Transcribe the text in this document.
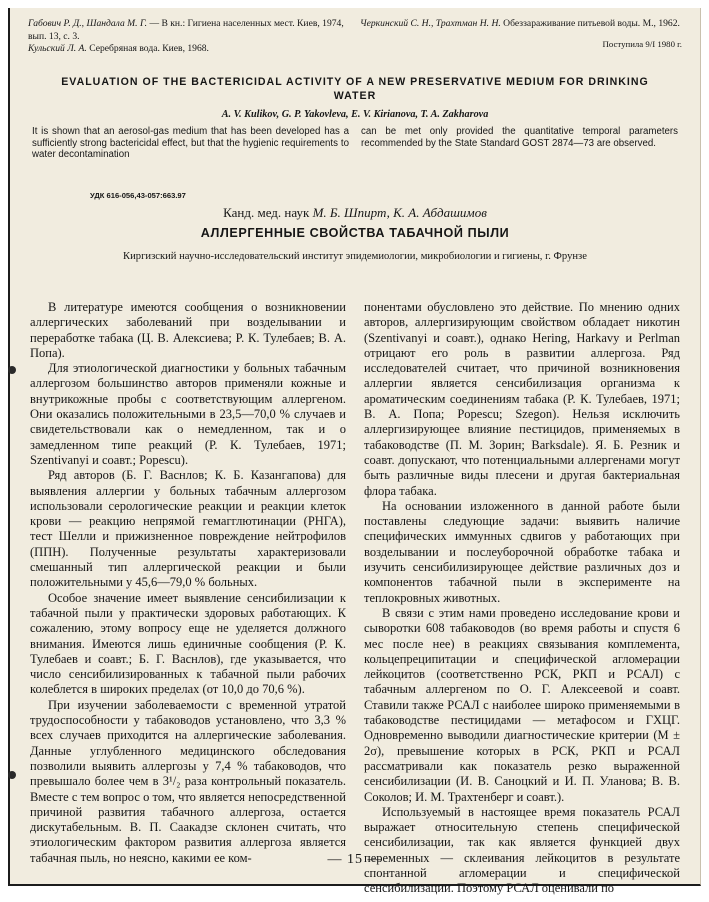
Габович Р. Д., Шандала М. Г. — В кн.: Гигиена населенных мест. Киев, 1974, вып. 13, с. 3.

Кульский Л. А. Серебряная вода. Киев, 1968.

Черкинский С. Н., Трахтман Н. Н. Обеззараживание питьевой воды. М., 1962.

Поступила 9/I 1980 г.

EVALUATION OF THE BACTERICIDAL ACTIVITY OF A NEW PRESERVATIVE MEDIUM FOR DRINKING WATER
A. V. Kulikov, G. P. Yakovleva, E. V. Kirianova, T. A. Zakharova

It is shown that an aerosol-gas medium that has been developed has a sufficiently strong bactericidal effect, but that the hygienic requirements to water decontamination

can be met only provided the quantitative temporal parameters recommended by the State Standard GOST 2874—73 are observed.

УДК 616-056,43-057:663.97
Канд. мед. наук М. Б. Шпирт, К. А. Абдашимов
АЛЛЕРГЕННЫЕ СВОЙСТВА ТАБАЧНОЙ ПЫЛИ
Киргизский научно-исследовательский институт эпидемиологии, микробиологии и гигиены, г. Фрунзе

В литературе имеются сообщения о возникновении аллергических заболеваний при возделывании и переработке табака (Ц. В. Алексиева; Р. К. Тулебаев; В. А. Попа).

Для этиологической диагностики у больных табачным аллергозом большинство авторов применяли кожные и внутрикожные пробы с соответствующим аллергеном. Они оказались положительными в 23,5—70,0 % случаев и свидетельствовали как о немедленном, так и о замедленном типе реакций (Р. К. Тулебаев, 1971; Szentivanyi и соавт.; Popescu).

Ряд авторов (Б. Г. Васнлов; К. Б. Казангапова) для выявления аллергии у больных табачным аллергозом использовали серологические реакции и реакции клеток крови — реакцию непрямой гемагглютинации (РНГА), тест Шелли и прижизненное повреждение нейтрофилов (ППН). Полученные результаты характеризовали смешанный тип аллергической реакции и были положительными у 45,6—79,0 % больных.

Особое значение имеет выявление сенсибилизации к табачной пыли у практически здоровых работающих. К сожалению, этому вопросу еще не уделяется должного внимания. Имеются лишь единичные сообщения (Р. К. Тулебаев и соавт.; Б. Г. Васнлов), где указывается, что число сенсибилизированных к табачной пыли рабочих колеблется в широких пределах (от 10,0 до 70,6 %).

При изучении заболеваемости с временной утратой трудоспособности у табаководов установлено, что 3,3 % всех случаев приходится на аллергические заболевания. Данные углубленного медицинского обследования позволили выявить аллергозы у 7,4 % табаководов, что превышало более чем в 3¹/₂ раза контрольный показатель. Вместе с тем вопрос о том, что является непосредственной причиной развития табачного аллергоза, остается дискутабельным. В. П. Саакадзе склонен считать, что этиологическим фактором развития аллергоза является табачная пыль, но неясно, какими ее ком-

понентами обусловлено это действие. По мнению одних авторов, аллергизирующим свойством обладает никотин (Szentivanyi и соавт.), однако Hering, Harkavy и Perlman отрицают его роль в развитии аллергоза. Ряд исследователей считает, что причиной возникновения аллергии является сенсибилизация организма к ароматическим соединениям табака (Р. К. Тулебаев, 1971; В. А. Попа; Popescu; Szegon). Нельзя исключить аллергизирующее влияние пестицидов, применяемых в табаководстве (П. М. Зорин; Barksdale). Я. Б. Резник и соавт. допускают, что потенциальными аллергенами могут быть различные виды плесени и другая бактериальная флора табака.

На основании изложенного в данной работе были поставлены следующие задачи: выявить наличие специфических иммунных сдвигов у работающих при возделывании и послеуборочной обработке табака и изучить сенсибилизирующее действие различных доз и компонентов табачной пыли в эксперименте на теплокровных животных.

В связи с этим нами проведено исследование крови и сыворотки 608 табаководов (во время работы и спустя 6 мес после нее) в реакциях связывания комплемента, кольцепреципитации и специфической агломерации лейкоцитов (соответственно РСК, РКП и РСАЛ) с табачным аллергеном по О. Г. Алексеевой и соавт. Ставили также РСАЛ с наиболее широко применяемыми в табаководстве пестицидами — метафосом и ГХЦГ. Одновременно выводили диагностические критерии (M ± 2σ), превышение которых в РСК, РКП и РСАЛ рассматривали как показатель резко выраженной сенсибилизации (И. В. Саноцкий и И. П. Уланова; В. В. Соколов; И. М. Трахтенберг и соавт.).

Используемый в настоящее время показатель РСАЛ выражает относительную степень специфической сенсибилизации, так как является функцией двух переменных — склеивания лейкоцитов в результате спонтанной агломерации и специфической сенсибилизации. Поэтому РСАЛ оценивали по

— 15 —
